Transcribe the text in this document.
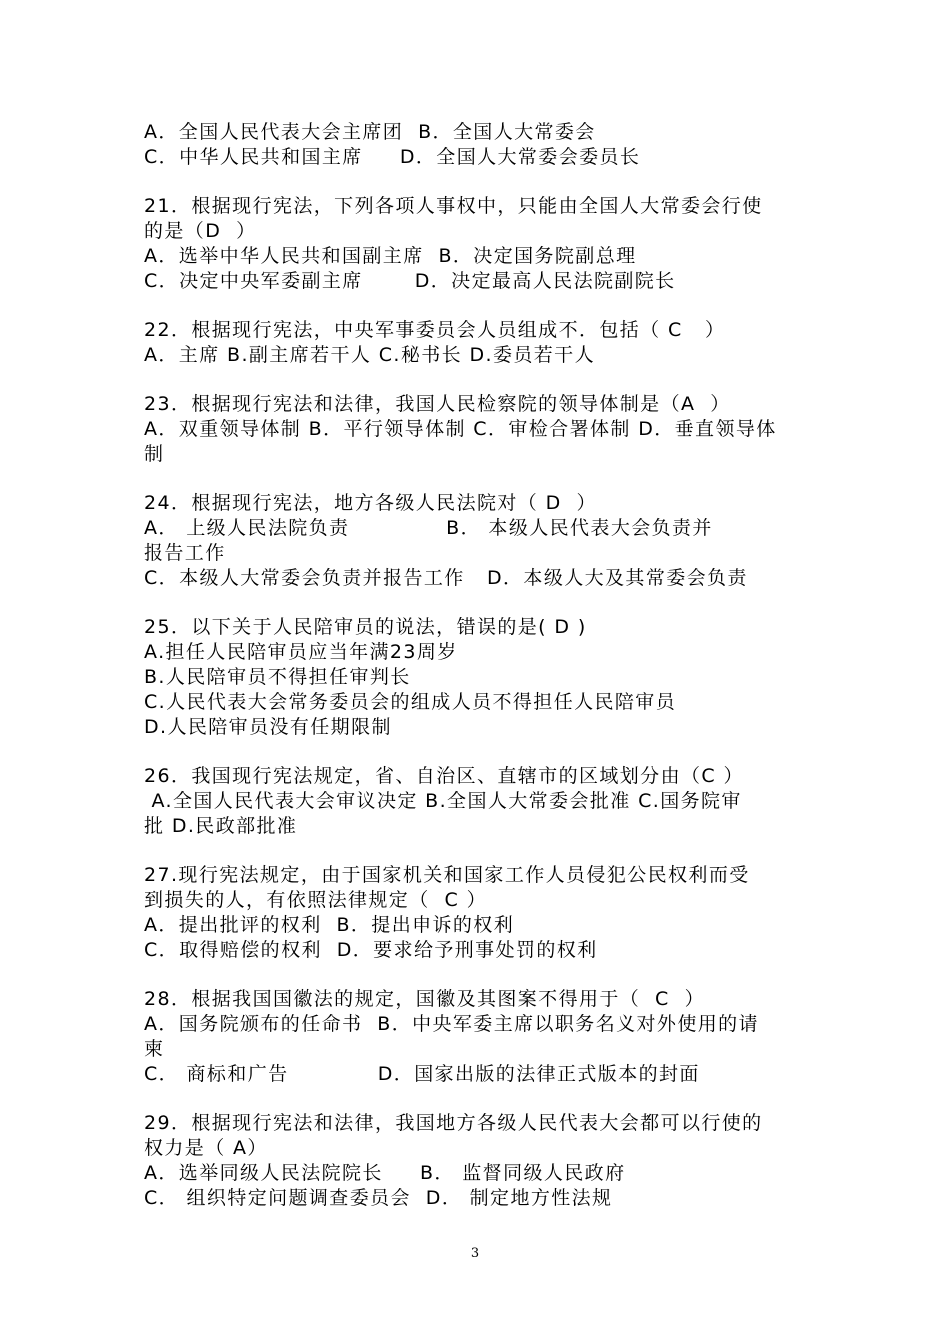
A．全国人民代表大会主席团  B．全国人大常委会
C．中华人民共和国主席     D．全国人大常委会委员长
21．根据现行宪法，下列各项人事权中，只能由全国人大常委会行使
的是（D  ）
A．选举中华人民共和国副主席  B．决定国务院副总理
C．决定中央军委副主席       D．决定最高人民法院副院长
22．根据现行宪法，中央军事委员会人员组成不．包括（ C   ）
A．主席 B.副主席若干人 C.秘书长 D.委员若干人
23．根据现行宪法和法律，我国人民检察院的领导体制是（A  ）
A．双重领导体制 B．平行领导体制 C．审检合署体制 D．垂直领导体
制
24．根据现行宪法，地方各级人民法院对（ D  ）
A． 上级人民法院负责             B． 本级人民代表大会负责并
报告工作
C．本级人大常委会负责并报告工作   D．本级人大及其常委会负责
25．以下关于人民陪审员的说法，错误的是( D )
A.担任人民陪审员应当年满23周岁
B.人民陪审员不得担任审判长
C.人民代表大会常务委员会的组成人员不得担任人民陪审员
D.人民陪审员没有任期限制
26．我国现行宪法规定，省、自治区、直辖市的区域划分由（C ）
A.全国人民代表大会审议决定 B.全国人大常委会批准 C.国务院审
批 D.民政部批准
27.现行宪法规定，由于国家机关和国家工作人员侵犯公民权利而受
到损失的人，有依照法律规定（  C ）
A．提出批评的权利  B．提出申诉的权利
C．取得赔偿的权利  D．要求给予刑事处罚的权利
28．根据我国国徽法的规定，国徽及其图案不得用于（  C  ）
A．国务院颁布的任命书  B．中央军委主席以职务名义对外使用的请
柬
C． 商标和广告            D．国家出版的法律正式版本的封面
29．根据现行宪法和法律，我国地方各级人民代表大会都可以行使的
权力是（ A）
A．选举同级人民法院院长     B． 监督同级人民政府
C． 组织特定问题调查委员会  D． 制定地方性法规
3
